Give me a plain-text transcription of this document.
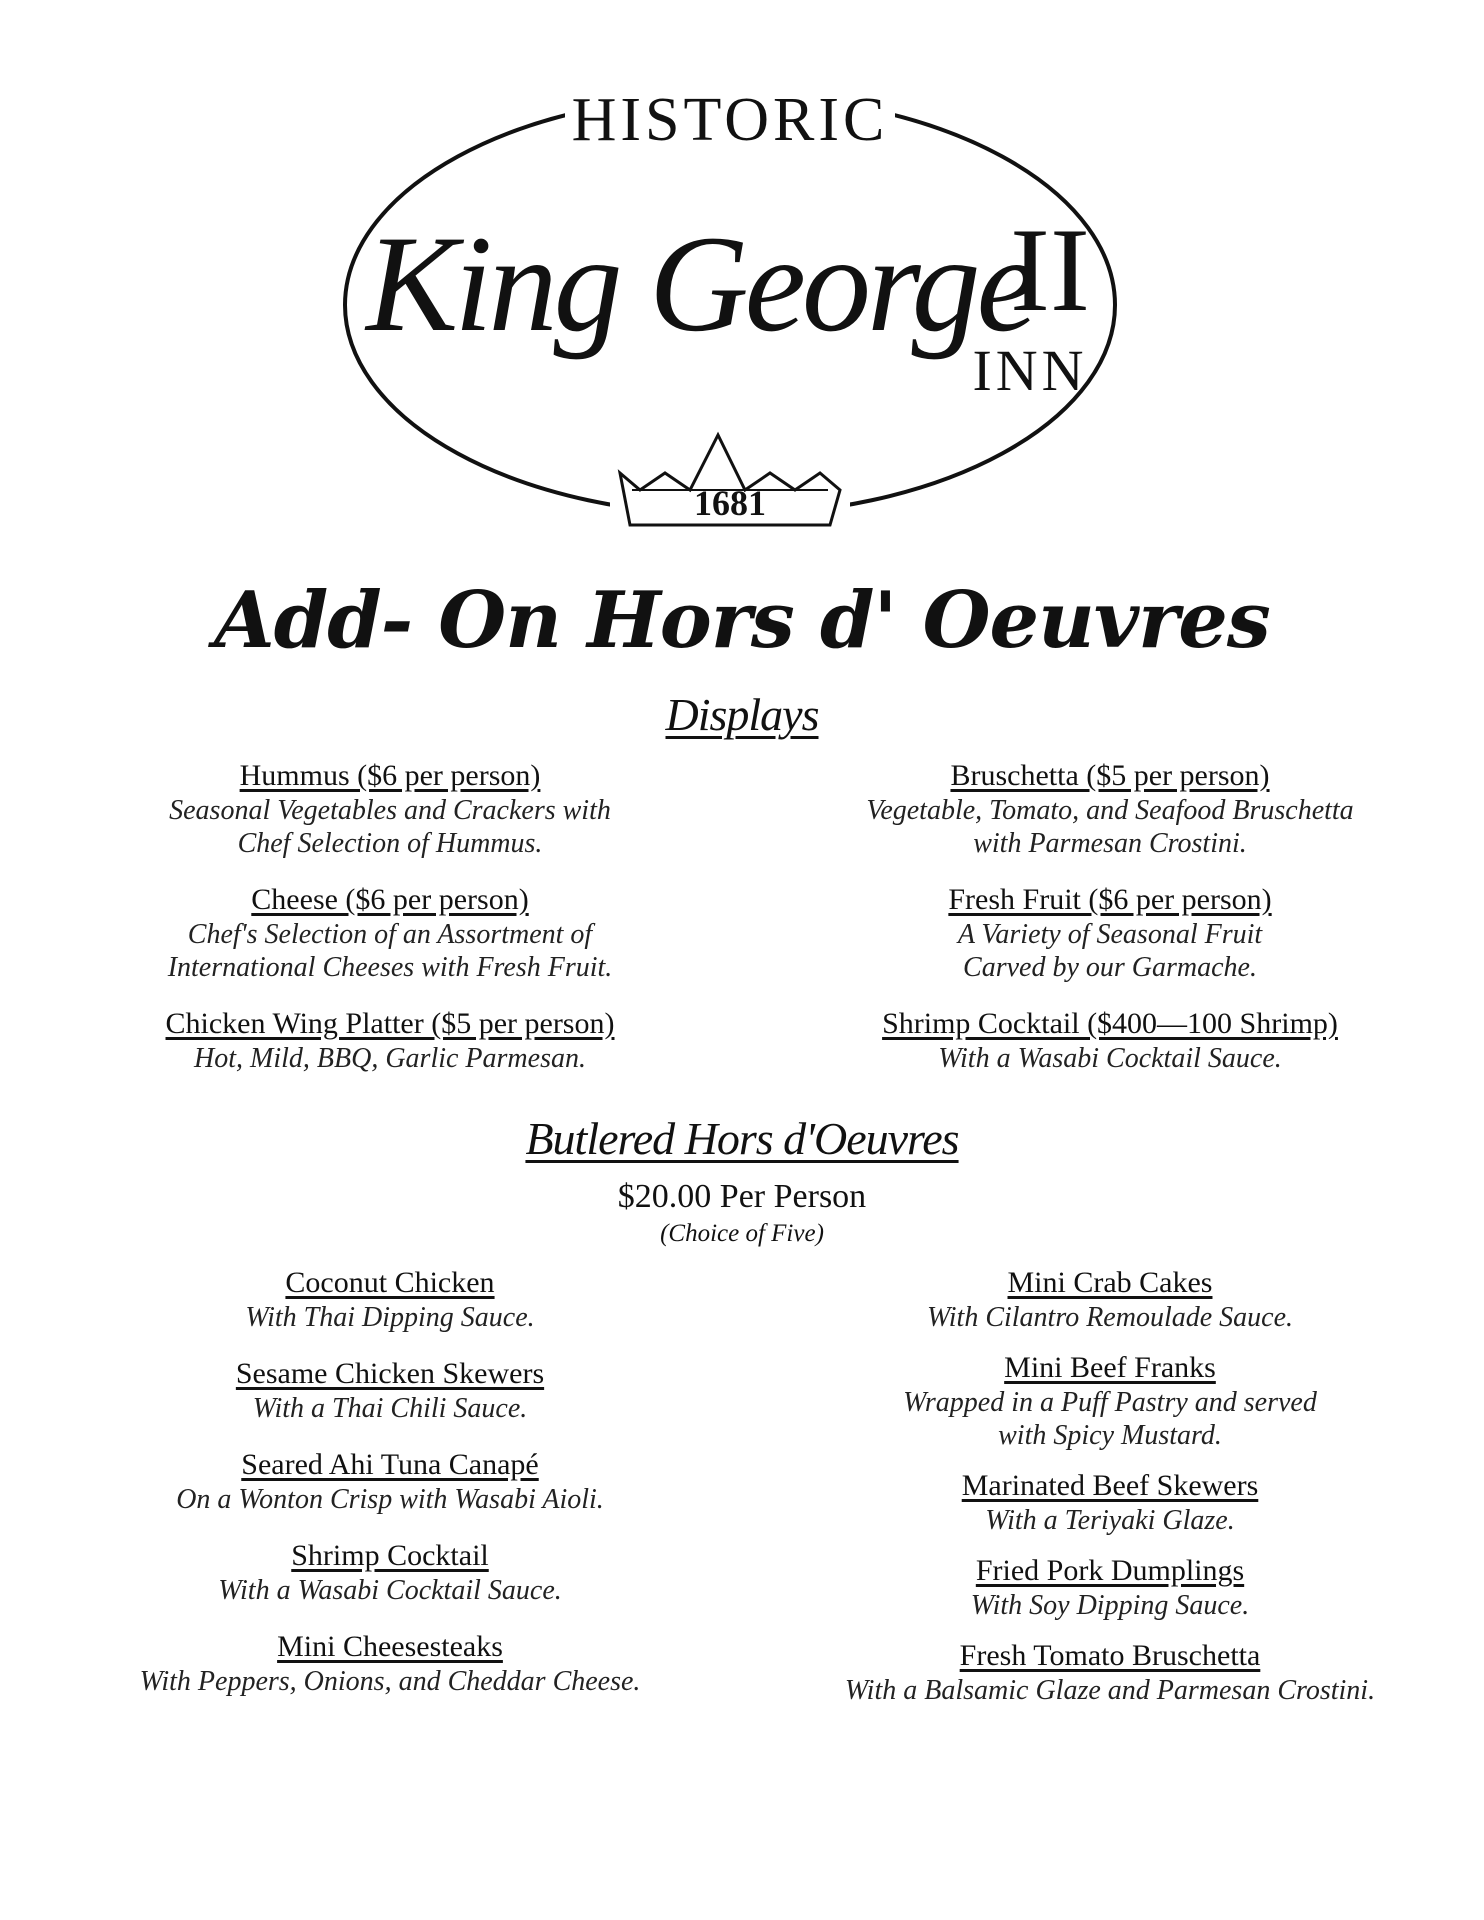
HISTORIC
King George
II
INN
1681
Add- On Hors d' Oeuvres
Displays
Hummus ($6 per person)
Seasonal Vegetables and Crackers with
Chef Selection of Hummus.
Cheese ($6 per person)
Chef's Selection of an Assortment of
International Cheeses with Fresh Fruit.
Chicken Wing Platter ($5 per person)
Hot, Mild, BBQ, Garlic Parmesan.
Bruschetta ($5 per person)
Vegetable, Tomato, and Seafood Bruschetta
with Parmesan Crostini.
Fresh Fruit ($6 per person)
A Variety of Seasonal Fruit
Carved by our Garmache.
Shrimp Cocktail ($400—100 Shrimp)
With a Wasabi Cocktail Sauce.
Butlered Hors d'Oeuvres
$20.00 Per Person
(Choice of Five)
Coconut Chicken
With Thai Dipping Sauce.
Sesame Chicken Skewers
With a Thai Chili Sauce.
Seared Ahi Tuna Canapé
On a Wonton Crisp with Wasabi Aioli.
Shrimp Cocktail
With a Wasabi Cocktail Sauce.
Mini Cheesesteaks
With Peppers, Onions, and Cheddar Cheese.
Mini Crab Cakes
With Cilantro Remoulade Sauce.
Mini Beef Franks
Wrapped in a Puff Pastry and served
with Spicy Mustard.
Marinated Beef Skewers
With a Teriyaki Glaze.
Fried Pork Dumplings
With Soy Dipping Sauce.
Fresh Tomato Bruschetta
With a Balsamic Glaze and Parmesan Crostini.
